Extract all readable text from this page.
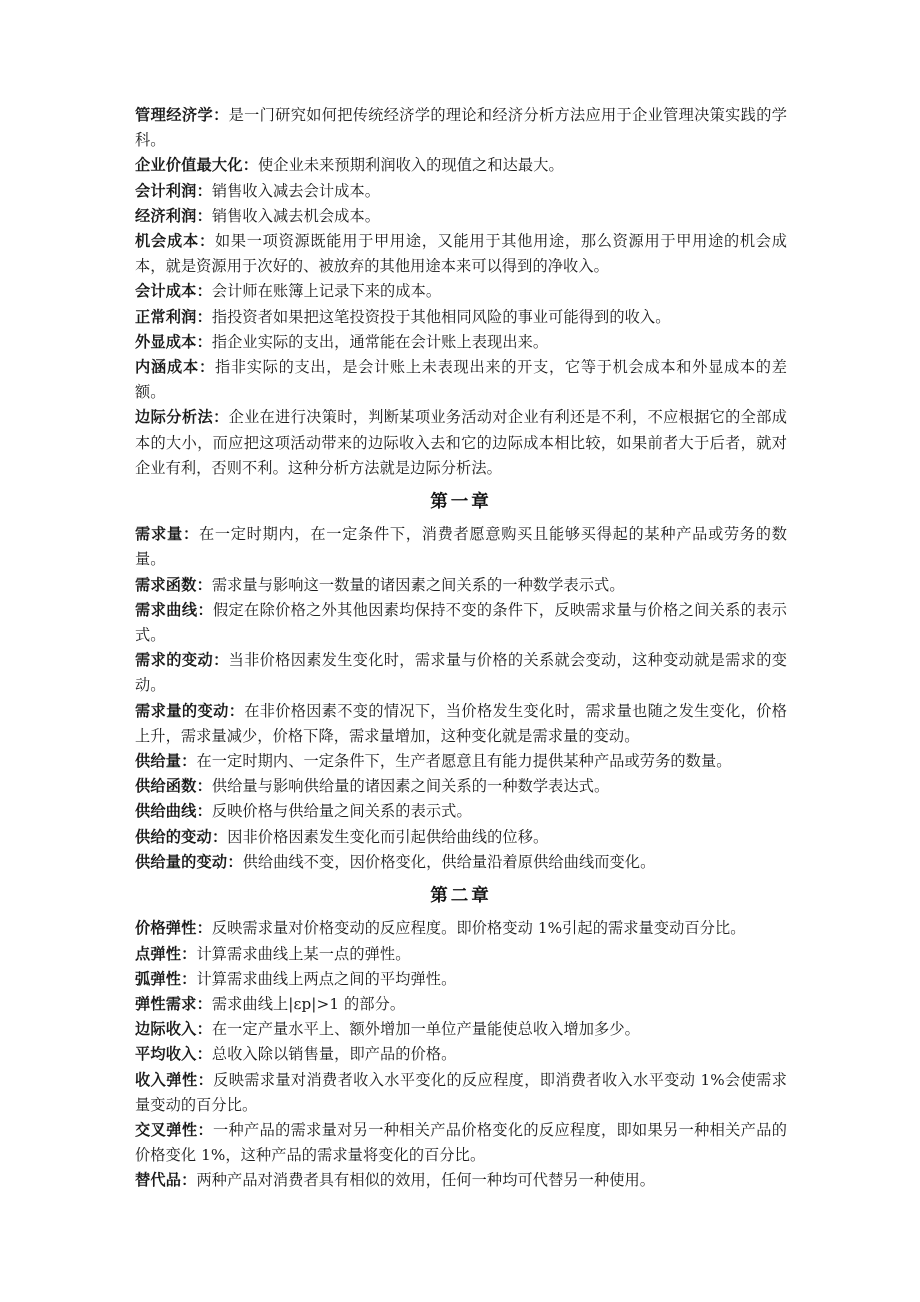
管理经济学：是一门研究如何把传统经济学的理论和经济分析方法应用于企业管理决策实践的学科。

企业价值最大化：使企业未来预期利润收入的现值之和达最大。

会计利润：销售收入减去会计成本。

经济利润：销售收入减去机会成本。

机会成本：如果一项资源既能用于甲用途，又能用于其他用途，那么资源用于甲用途的机会成本，就是资源用于次好的、被放弃的其他用途本来可以得到的净收入。

会计成本：会计师在账簿上记录下来的成本。

正常利润：指投资者如果把这笔投资投于其他相同风险的事业可能得到的收入。

外显成本：指企业实际的支出，通常能在会计账上表现出来。

内涵成本：指非实际的支出，是会计账上未表现出来的开支，它等于机会成本和外显成本的差额。

边际分析法：企业在进行决策时，判断某项业务活动对企业有利还是不利，不应根据它的全部成本的大小，而应把这项活动带来的边际收入去和它的边际成本相比较，如果前者大于后者，就对企业有利，否则不利。这种分析方法就是边际分析法。

第一章

需求量：在一定时期内，在一定条件下，消费者愿意购买且能够买得起的某种产品或劳务的数量。

需求函数：需求量与影响这一数量的诸因素之间关系的一种数学表示式。

需求曲线：假定在除价格之外其他因素均保持不变的条件下，反映需求量与价格之间关系的表示式。

需求的变动：当非价格因素发生变化时，需求量与价格的关系就会变动，这种变动就是需求的变动。

需求量的变动：在非价格因素不变的情况下，当价格发生变化时，需求量也随之发生变化，价格上升，需求量减少，价格下降，需求量增加，这种变化就是需求量的变动。

供给量：在一定时期内、一定条件下，生产者愿意且有能力提供某种产品或劳务的数量。

供给函数：供给量与影响供给量的诸因素之间关系的一种数学表达式。

供给曲线：反映价格与供给量之间关系的表示式。

供给的变动：因非价格因素发生变化而引起供给曲线的位移。

供给量的变动：供给曲线不变，因价格变化，供给量沿着原供给曲线而变化。

第二章

价格弹性：反映需求量对价格变动的反应程度。即价格变动 1%引起的需求量变动百分比。

点弹性：计算需求曲线上某一点的弹性。

弧弹性：计算需求曲线上两点之间的平均弹性。

弹性需求：需求曲线上|εp|>1 的部分。

边际收入：在一定产量水平上、额外增加一单位产量能使总收入增加多少。

平均收入：总收入除以销售量，即产品的价格。

收入弹性：反映需求量对消费者收入水平变化的反应程度，即消费者收入水平变动 1%会使需求量变动的百分比。

交叉弹性：一种产品的需求量对另一种相关产品价格变化的反应程度，即如果另一种相关产品的价格变化 1%，这种产品的需求量将变化的百分比。

替代品：两种产品对消费者具有相似的效用，任何一种均可代替另一种使用。
